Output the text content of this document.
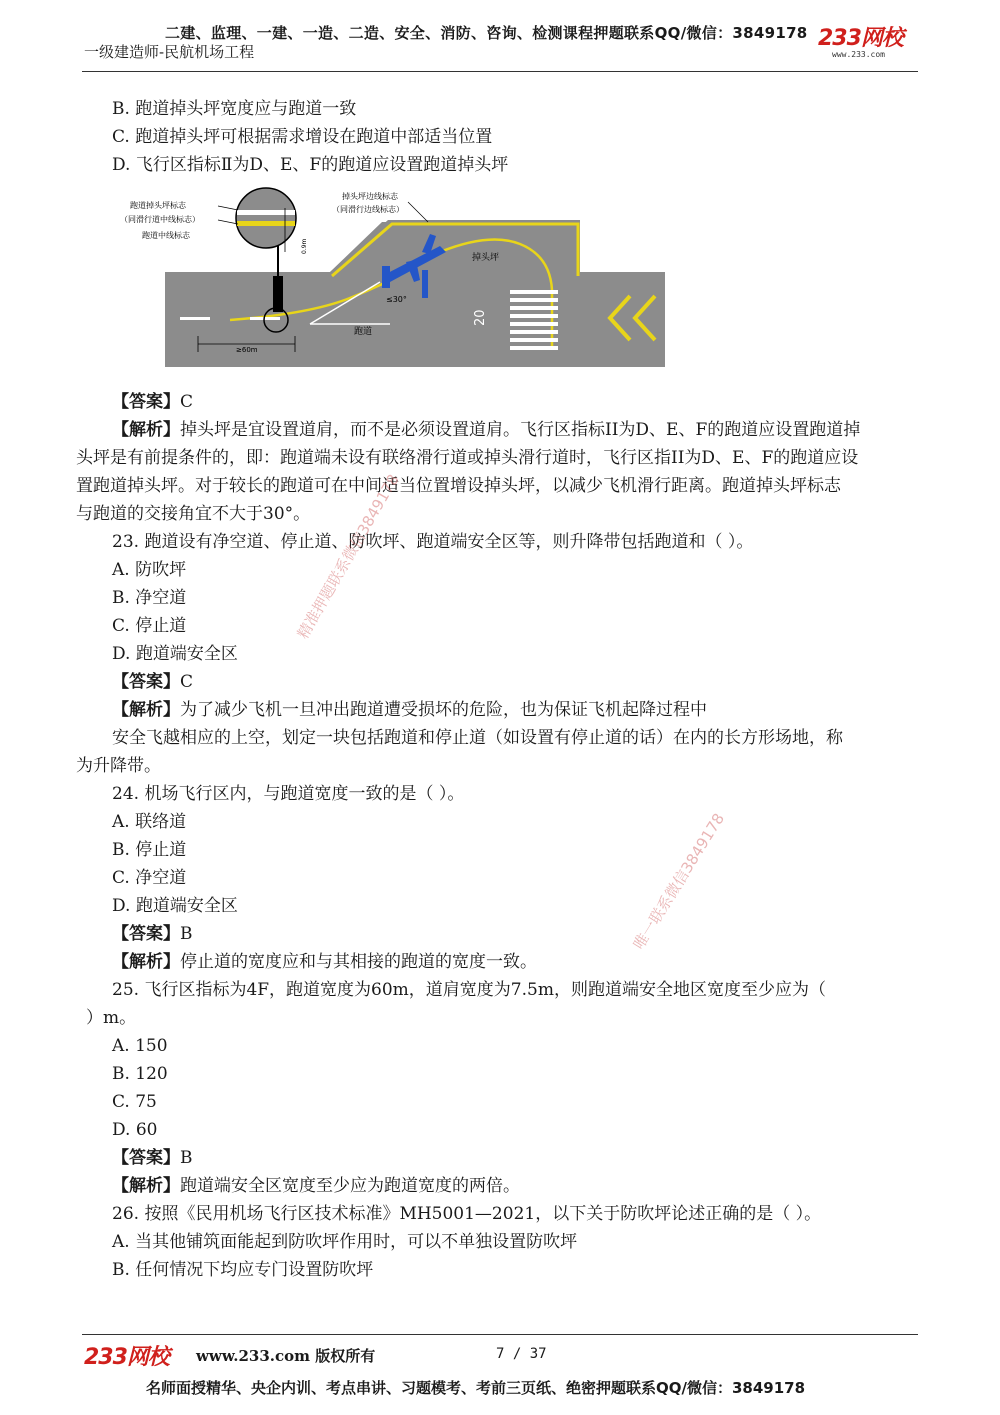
二建、监理、一建、一造、二造、安全、消防、咨询、检测课程押题联系QQ/微信：3849178
一级建造师-民航机场工程
233网校
www.233.com
B. 跑道掉头坪宽度应与跑道一致
C. 跑道掉头坪可根据需求增设在跑道中部适当位置
D. 飞行区指标Ⅱ为D、E、F的跑道应设置跑道掉头坪
跑道掉头坪标志
（同滑行道中线标志）
跑道中线标志
掉头坪边线标志
（同滑行边线标志）
掉头坪
≤30°
跑道
≥60m
0.9m
20
【答案】C
【解析】掉头坪是宜设置道肩，而不是必须设置道肩。飞行区指标II为D、E、F的跑道应设置跑道掉
头坪是有前提条件的，即：跑道端未设有联络滑行道或掉头滑行道时，飞行区指II为D、E、F的跑道应设
置跑道掉头坪。对于较长的跑道可在中间适当位置增设掉头坪，以减少飞机滑行距离。跑道掉头坪标志
与跑道的交接角宜不大于30°。
23. 跑道设有净空道、停止道、防吹坪、跑道端安全区等，则升降带包括跑道和（ ）。
A. 防吹坪
B. 净空道
C. 停止道
D. 跑道端安全区
【答案】C
【解析】为了减少飞机一旦冲出跑道遭受损坏的危险，也为保证飞机起降过程中
安全飞越相应的上空，划定一块包括跑道和停止道（如设置有停止道的话）在内的长方形场地，称
为升降带。
24. 机场飞行区内，与跑道宽度一致的是（ ）。
A. 联络道
B. 停止道
C. 净空道
D. 跑道端安全区
【答案】B
【解析】停止道的宽度应和与其相接的跑道的宽度一致。
25. 飞行区指标为4F，跑道宽度为60m，道肩宽度为7.5m，则跑道端安全地区宽度至少应为（
）m。
A. 150
B. 120
C. 75
D. 60
【答案】B
【解析】跑道端安全区宽度至少应为跑道宽度的两倍。
26. 按照《民用机场飞行区技术标准》MH5001—2021，以下关于防吹坪论述正确的是（ ）。
A. 当其他铺筑面能起到防吹坪作用时，可以不单独设置防吹坪
B. 任何情况下均应专门设置防吹坪
精准押题联系微信3849178
唯一联系微信3849178
233网校 www.233.com 版权所有	7 / 37
名师面授精华、央企内训、考点串讲、习题模考、考前三页纸、绝密押题联系QQ/微信：3849178
